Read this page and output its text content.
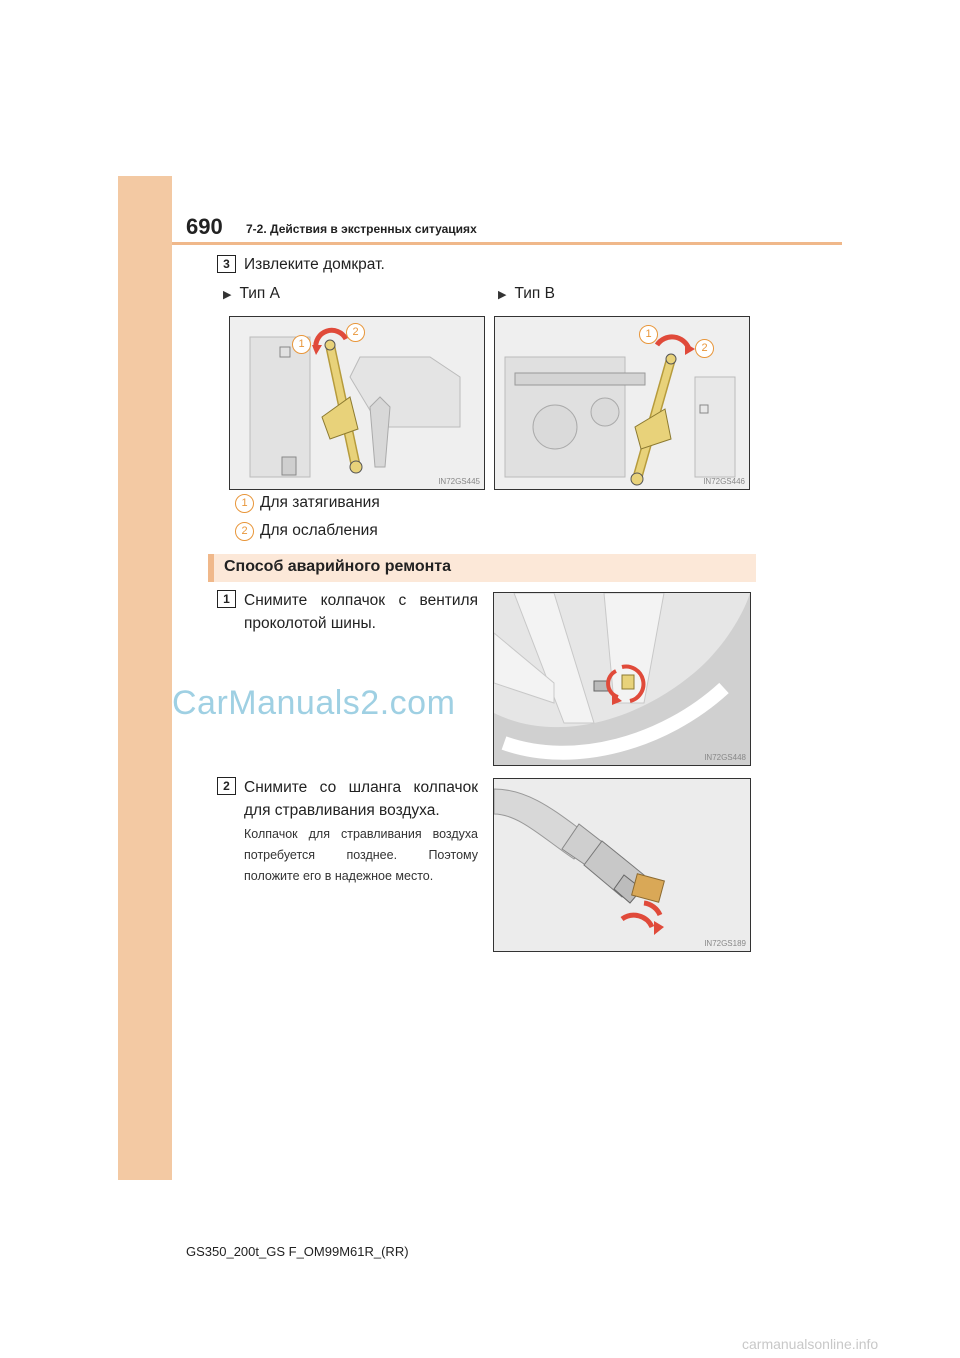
690 7-2. Действия в экстренных ситуациях
3 Извлеките домкрат.
▶ Тип A	▶ Тип B
1
2
IN72GS445
1
2
IN72GS446
1 Для затягивания
2 Для ослабления
Способ аварийного ремонта
1 Снимите колпачок с вентиля проколотой шины.
IN72GS448
2 Снимите со шланга колпачок для стравливания воздуха.
Колпачок для стравливания воздуха потребуется позднее. Поэтому положите его в надежное место.
IN72GS189
CarManuals2.com
GS350_200t_GS F_OM99M61R_(RR)
carmanualsonline.info
